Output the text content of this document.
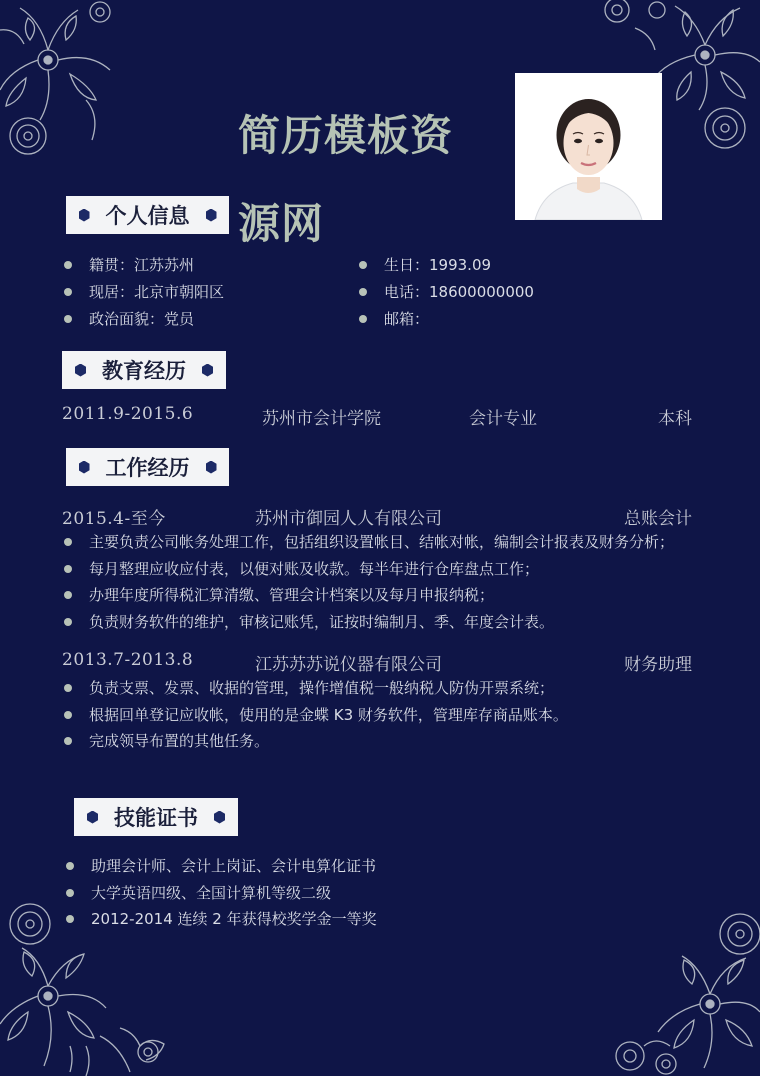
简历模板资源网
个人信息
籍贯：江苏苏州
现居：北京市朝阳区
政治面貌：党员
生日：1993.09
电话：18600000000
邮箱：
教育经历
2011.9-2015.6	苏州市会计学院	会计专业	本科
工作经历
2015.4-至今	苏州市御园人人有限公司	总账会计
主要负责公司帐务处理工作，包括组织设置帐目、结帐对帐，编制会计报表及财务分析；
每月整理应收应付表，以便对账及收款。每半年进行仓库盘点工作；
办理年度所得税汇算清缴、管理会计档案以及每月申报纳税；
负责财务软件的维护，审核记账凭，证按时编制月、季、年度会计表。
2013.7-2013.8	江苏苏苏说仪器有限公司	财务助理
负责支票、发票、收据的管理，操作增值税一般纳税人防伪开票系统；
根据回单登记应收帐，使用的是金蝶 K3 财务软件，管理库存商品账本。
完成领导布置的其他任务。
技能证书
助理会计师、会计上岗证、会计电算化证书
大学英语四级、全国计算机等级二级
2012-2014 连续 2 年获得校奖学金一等奖
